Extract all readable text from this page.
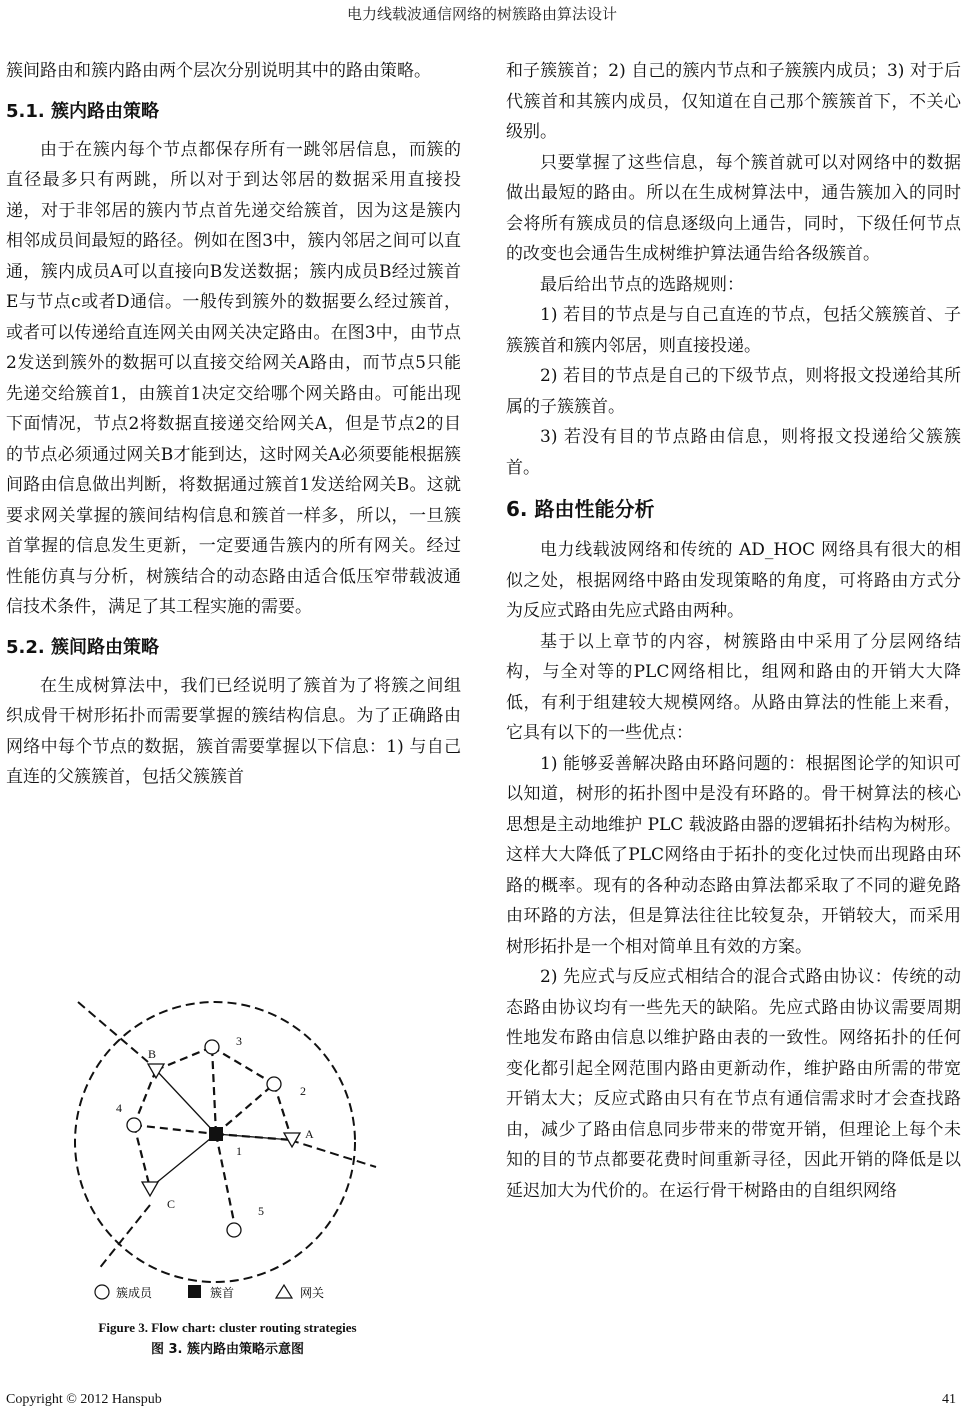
电力线载波通信网络的树簇路由算法设计

簇间路由和簇内路由两个层次分别说明其中的路由策略。

5.1. 簇内路由策略

由于在簇内每个节点都保存所有一跳邻居信息，而簇的直径最多只有两跳，所以对于到达邻居的数据采用直接投递，对于非邻居的簇内节点首先递交给簇首，因为这是簇内相邻成员间最短的路径。例如在图3中，簇内邻居之间可以直通，簇内成员A可以直接向B发送数据；簇内成员B经过簇首E与节点c或者D通信。一般传到簇外的数据要么经过簇首，或者可以传递给直连网关由网关决定路由。在图3中，由节点2发送到簇外的数据可以直接交给网关A路由，而节点5只能先递交给簇首1，由簇首1决定交给哪个网关路由。可能出现下面情况，节点2将数据直接递交给网关A，但是节点2的目的节点必须通过网关B才能到达，这时网关A必须要能根据簇间路由信息做出判断，将数据通过簇首1发送给网关B。这就要求网关掌握的簇间结构信息和簇首一样多，所以，一旦簇首掌握的信息发生更新，一定要通告簇内的所有网关。经过性能仿真与分析，树簇结合的动态路由适合低压窄带载波通信技术条件，满足了其工程实施的需要。

5.2. 簇间路由策略

在生成树算法中，我们已经说明了簇首为了将簇之间组织成骨干树形拓扑而需要掌握的簇结构信息。为了正确路由网络中每个节点的数据，簇首需要掌握以下信息：1) 与自己直连的父簇簇首，包括父簇簇首

B
3
2
4
A
1
C	5
簇成员	簇首	网关
Figure 3. Flow chart: cluster routing strategies
图 3. 簇内路由策略示意图

和子簇簇首；2) 自己的簇内节点和子簇簇内成员；3) 对于后代簇首和其簇内成员，仅知道在自己那个簇簇首下，不关心级别。

只要掌握了这些信息，每个簇首就可以对网络中的数据做出最短的路由。所以在生成树算法中，通告簇加入的同时会将所有簇成员的信息逐级向上通告，同时，下级任何节点的改变也会通告生成树维护算法通告给各级簇首。

最后给出节点的选路规则：

1) 若目的节点是与自己直连的节点，包括父簇簇首、子簇簇首和簇内邻居，则直接投递。

2) 若目的节点是自己的下级节点，则将报文投递给其所属的子簇簇首。

3) 若没有目的节点路由信息，则将报文投递给父簇簇首。

6. 路由性能分析

电力线载波网络和传统的 AD_HOC 网络具有很大的相似之处，根据网络中路由发现策略的角度，可将路由方式分为反应式路由先应式路由两种。

基于以上章节的内容，树簇路由中采用了分层网络结构，与全对等的PLC网络相比，组网和路由的开销大大降低，有利于组建较大规模网络。从路由算法的性能上来看，它具有以下的一些优点：

1) 能够妥善解决路由环路问题的：根据图论学的知识可以知道，树形的拓扑图中是没有环路的。骨干树算法的核心思想是主动地维护 PLC 载波路由器的逻辑拓扑结构为树形。这样大大降低了PLC网络由于拓扑的变化过快而出现路由环路的概率。现有的各种动态路由算法都采取了不同的避免路由环路的方法，但是算法往往比较复杂，开销较大，而采用树形拓扑是一个相对简单且有效的方案。

2) 先应式与反应式相结合的混合式路由协议：传统的动态路由协议均有一些先天的缺陷。先应式路由协议需要周期性地发布路由信息以维护路由表的一致性。网络拓扑的任何变化都引起全网范围内路由更新动作，维护路由所需的带宽开销太大；反应式路由只有在节点有通信需求时才会查找路由，减少了路由信息同步带来的带宽开销，但理论上每个未知的目的节点都要花费时间重新寻径，因此开销的降低是以延迟加大为代价的。在运行骨干树路由的自组织网络

Copyright © 2012 Hanspub	41
